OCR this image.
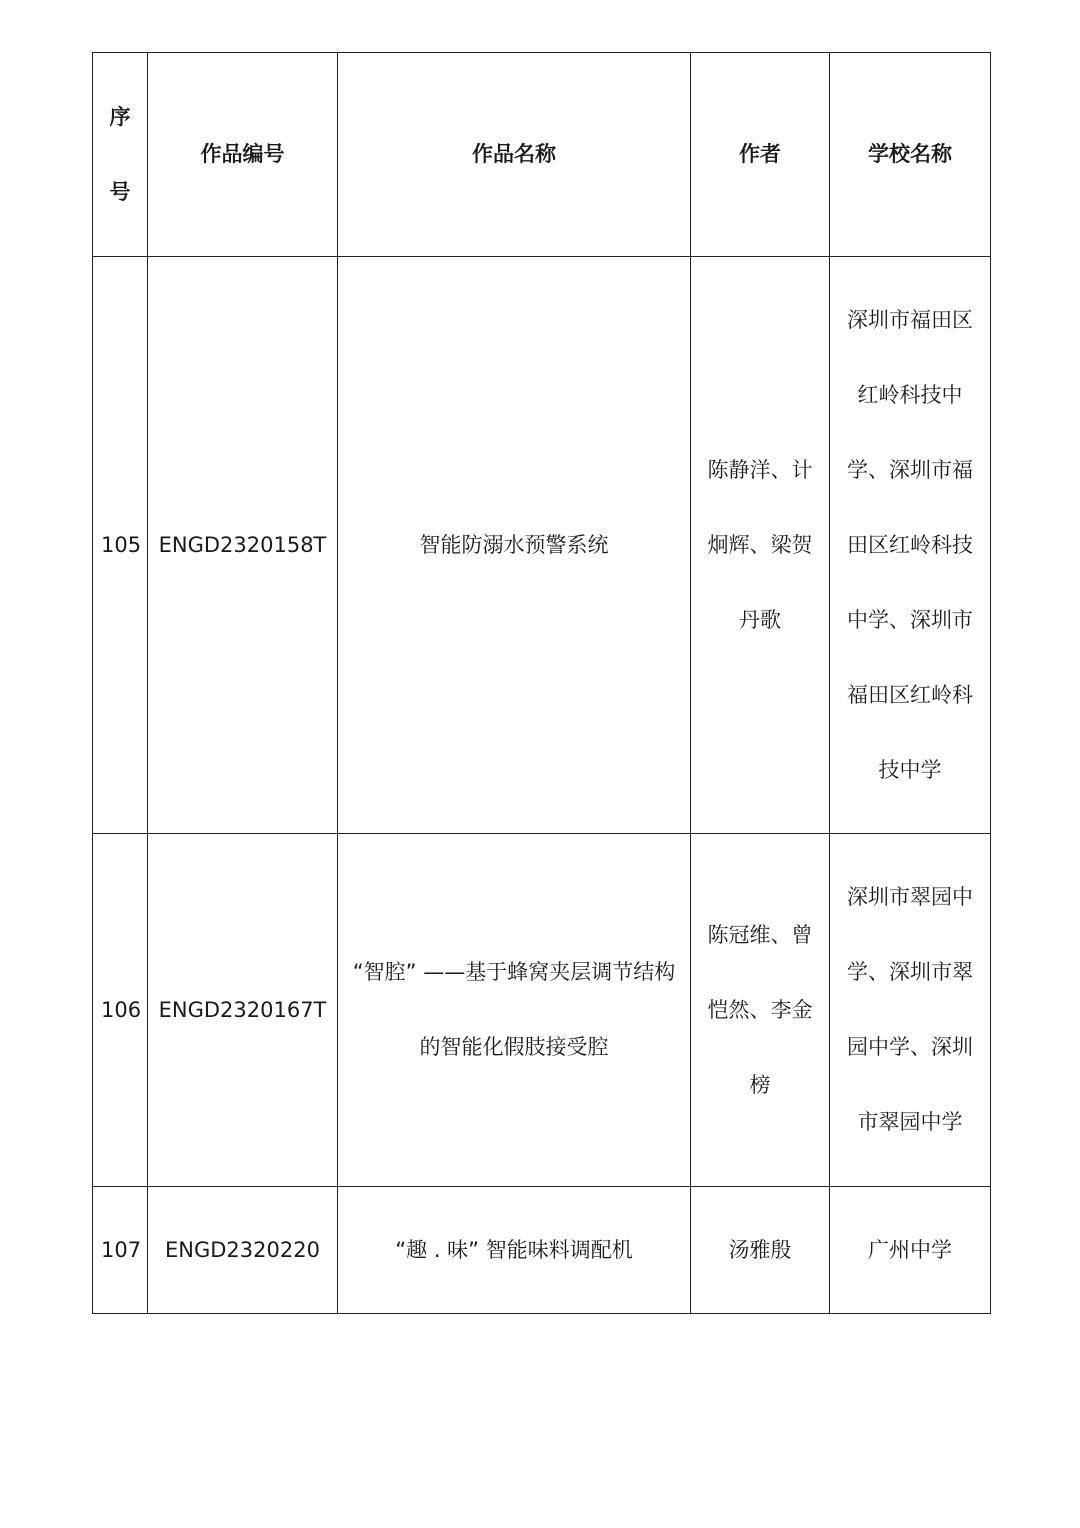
序号	作品编号	作品名称	作者	学校名称
105	ENGD2320158T	智能防溺水预警系统	陈静洋、计炯辉、梁贺丹歌	深圳市福田区红岭科技中学、深圳市福田区红岭科技中学、深圳市福田区红岭科技中学

106	ENGD2320167T	“智腔” ——基于蜂窝夹层调节结构的智能化假肢接受腔	陈冠维、曾恺然、李金榜	深圳市翠园中学、深圳市翠园中学、深圳市翠园中学

107	ENGD2320220	“趣 . 味” 智能味料调配机	汤雅殷	广州中学
